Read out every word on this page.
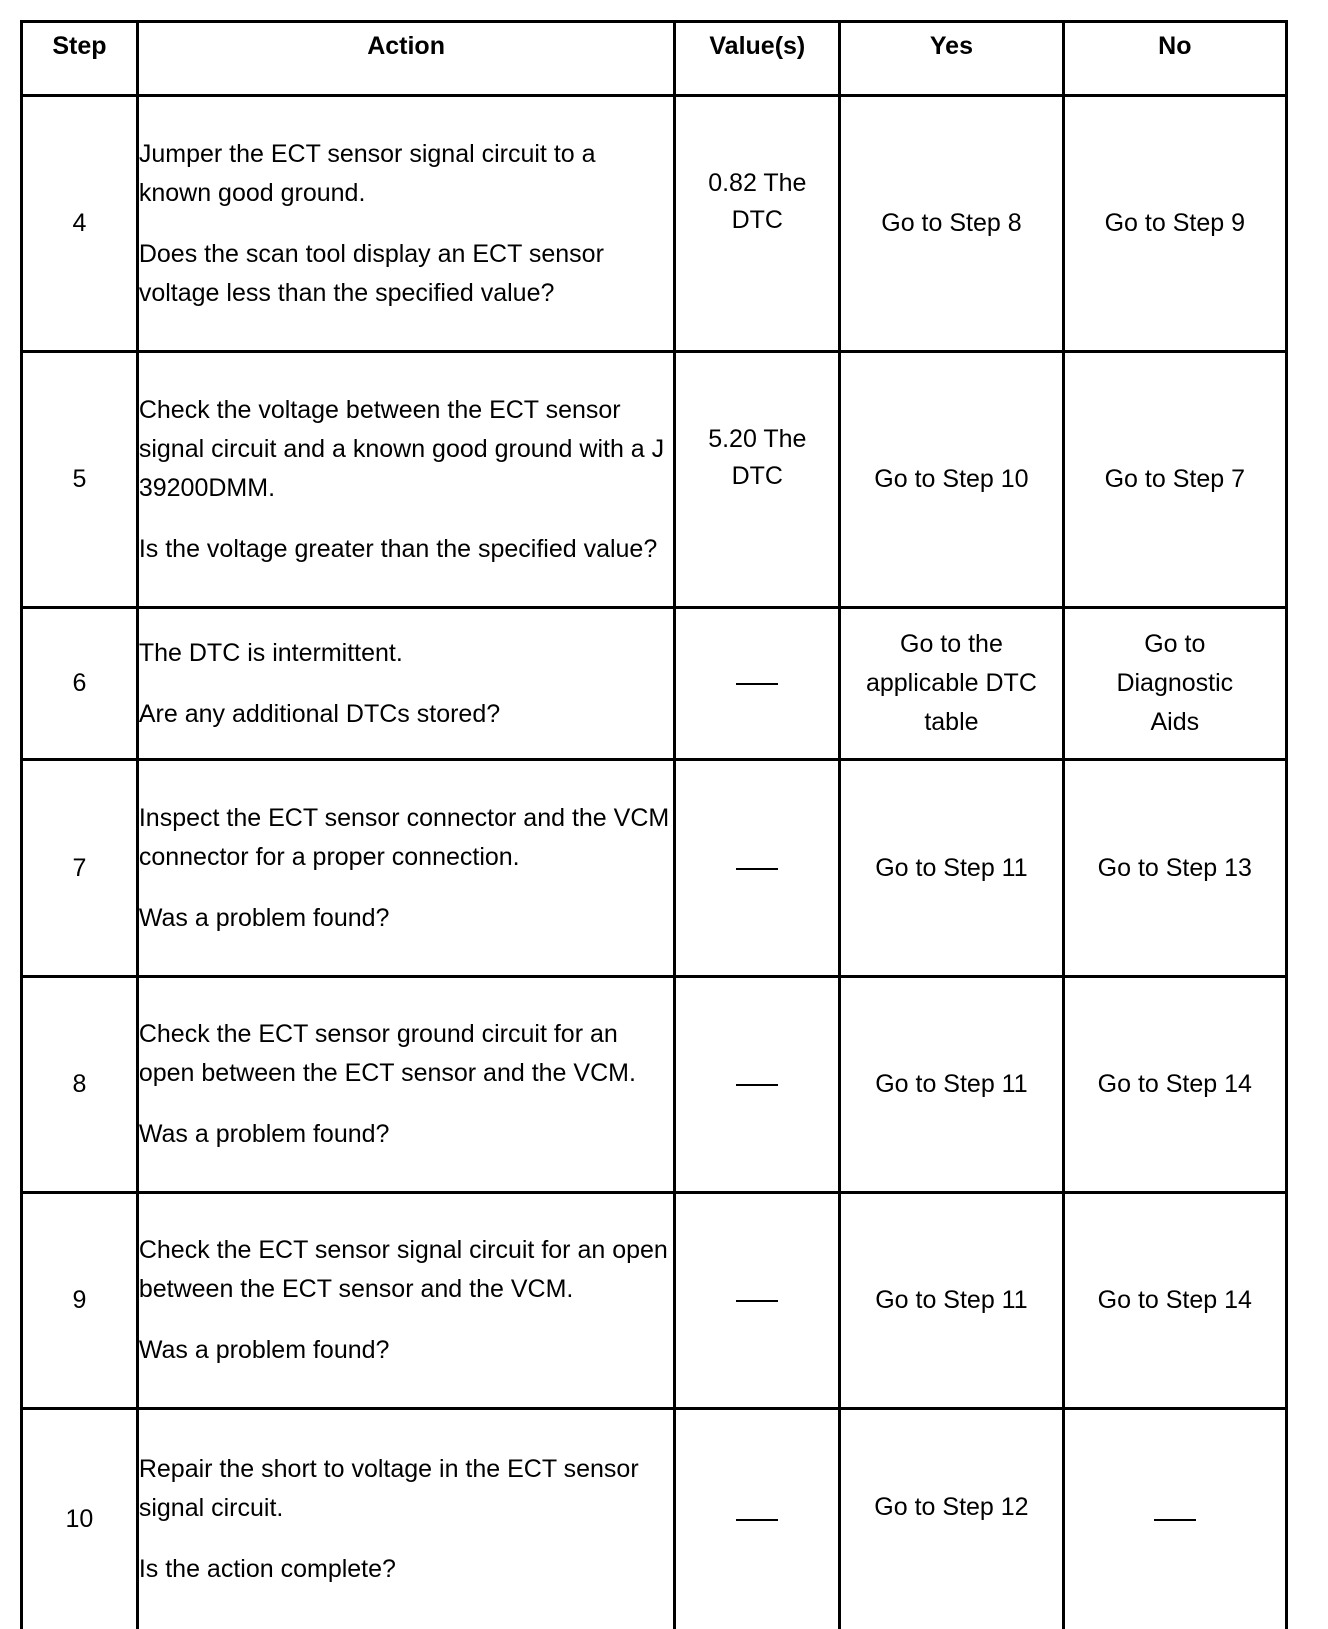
Step	Action	Value(s)	Yes	No
4	Jumper the ECT sensor signal circuit to a known good ground.

Does the scan tool display an ECT sensor voltage less than the specified value?	0.82 The DTC	Go to Step 8	Go to Step 9
5	Check the voltage between the ECT sensor signal circuit and a known good ground with a J 39200DMM.

Is the voltage greater than the specified value?	5.20 The DTC	Go to Step 10	Go to Step 7
6	The DTC is intermittent.

Are any additional DTCs stored?		Go to the applicable DTC table	Go to Diagnostic Aids
7	Inspect the ECT sensor connector and the VCM connector for a proper connection.

Was a problem found?		Go to Step 11	Go to Step 13
8	Check the ECT sensor ground circuit for an open between the ECT sensor and the VCM.

Was a problem found?		Go to Step 11	Go to Step 14
9	Check the ECT sensor signal circuit for an open between the ECT sensor and the VCM.

Was a problem found?		Go to Step 11	Go to Step 14
10	Repair the short to voltage in the ECT sensor signal circuit.

Is the action complete?		Go to Step 12	
